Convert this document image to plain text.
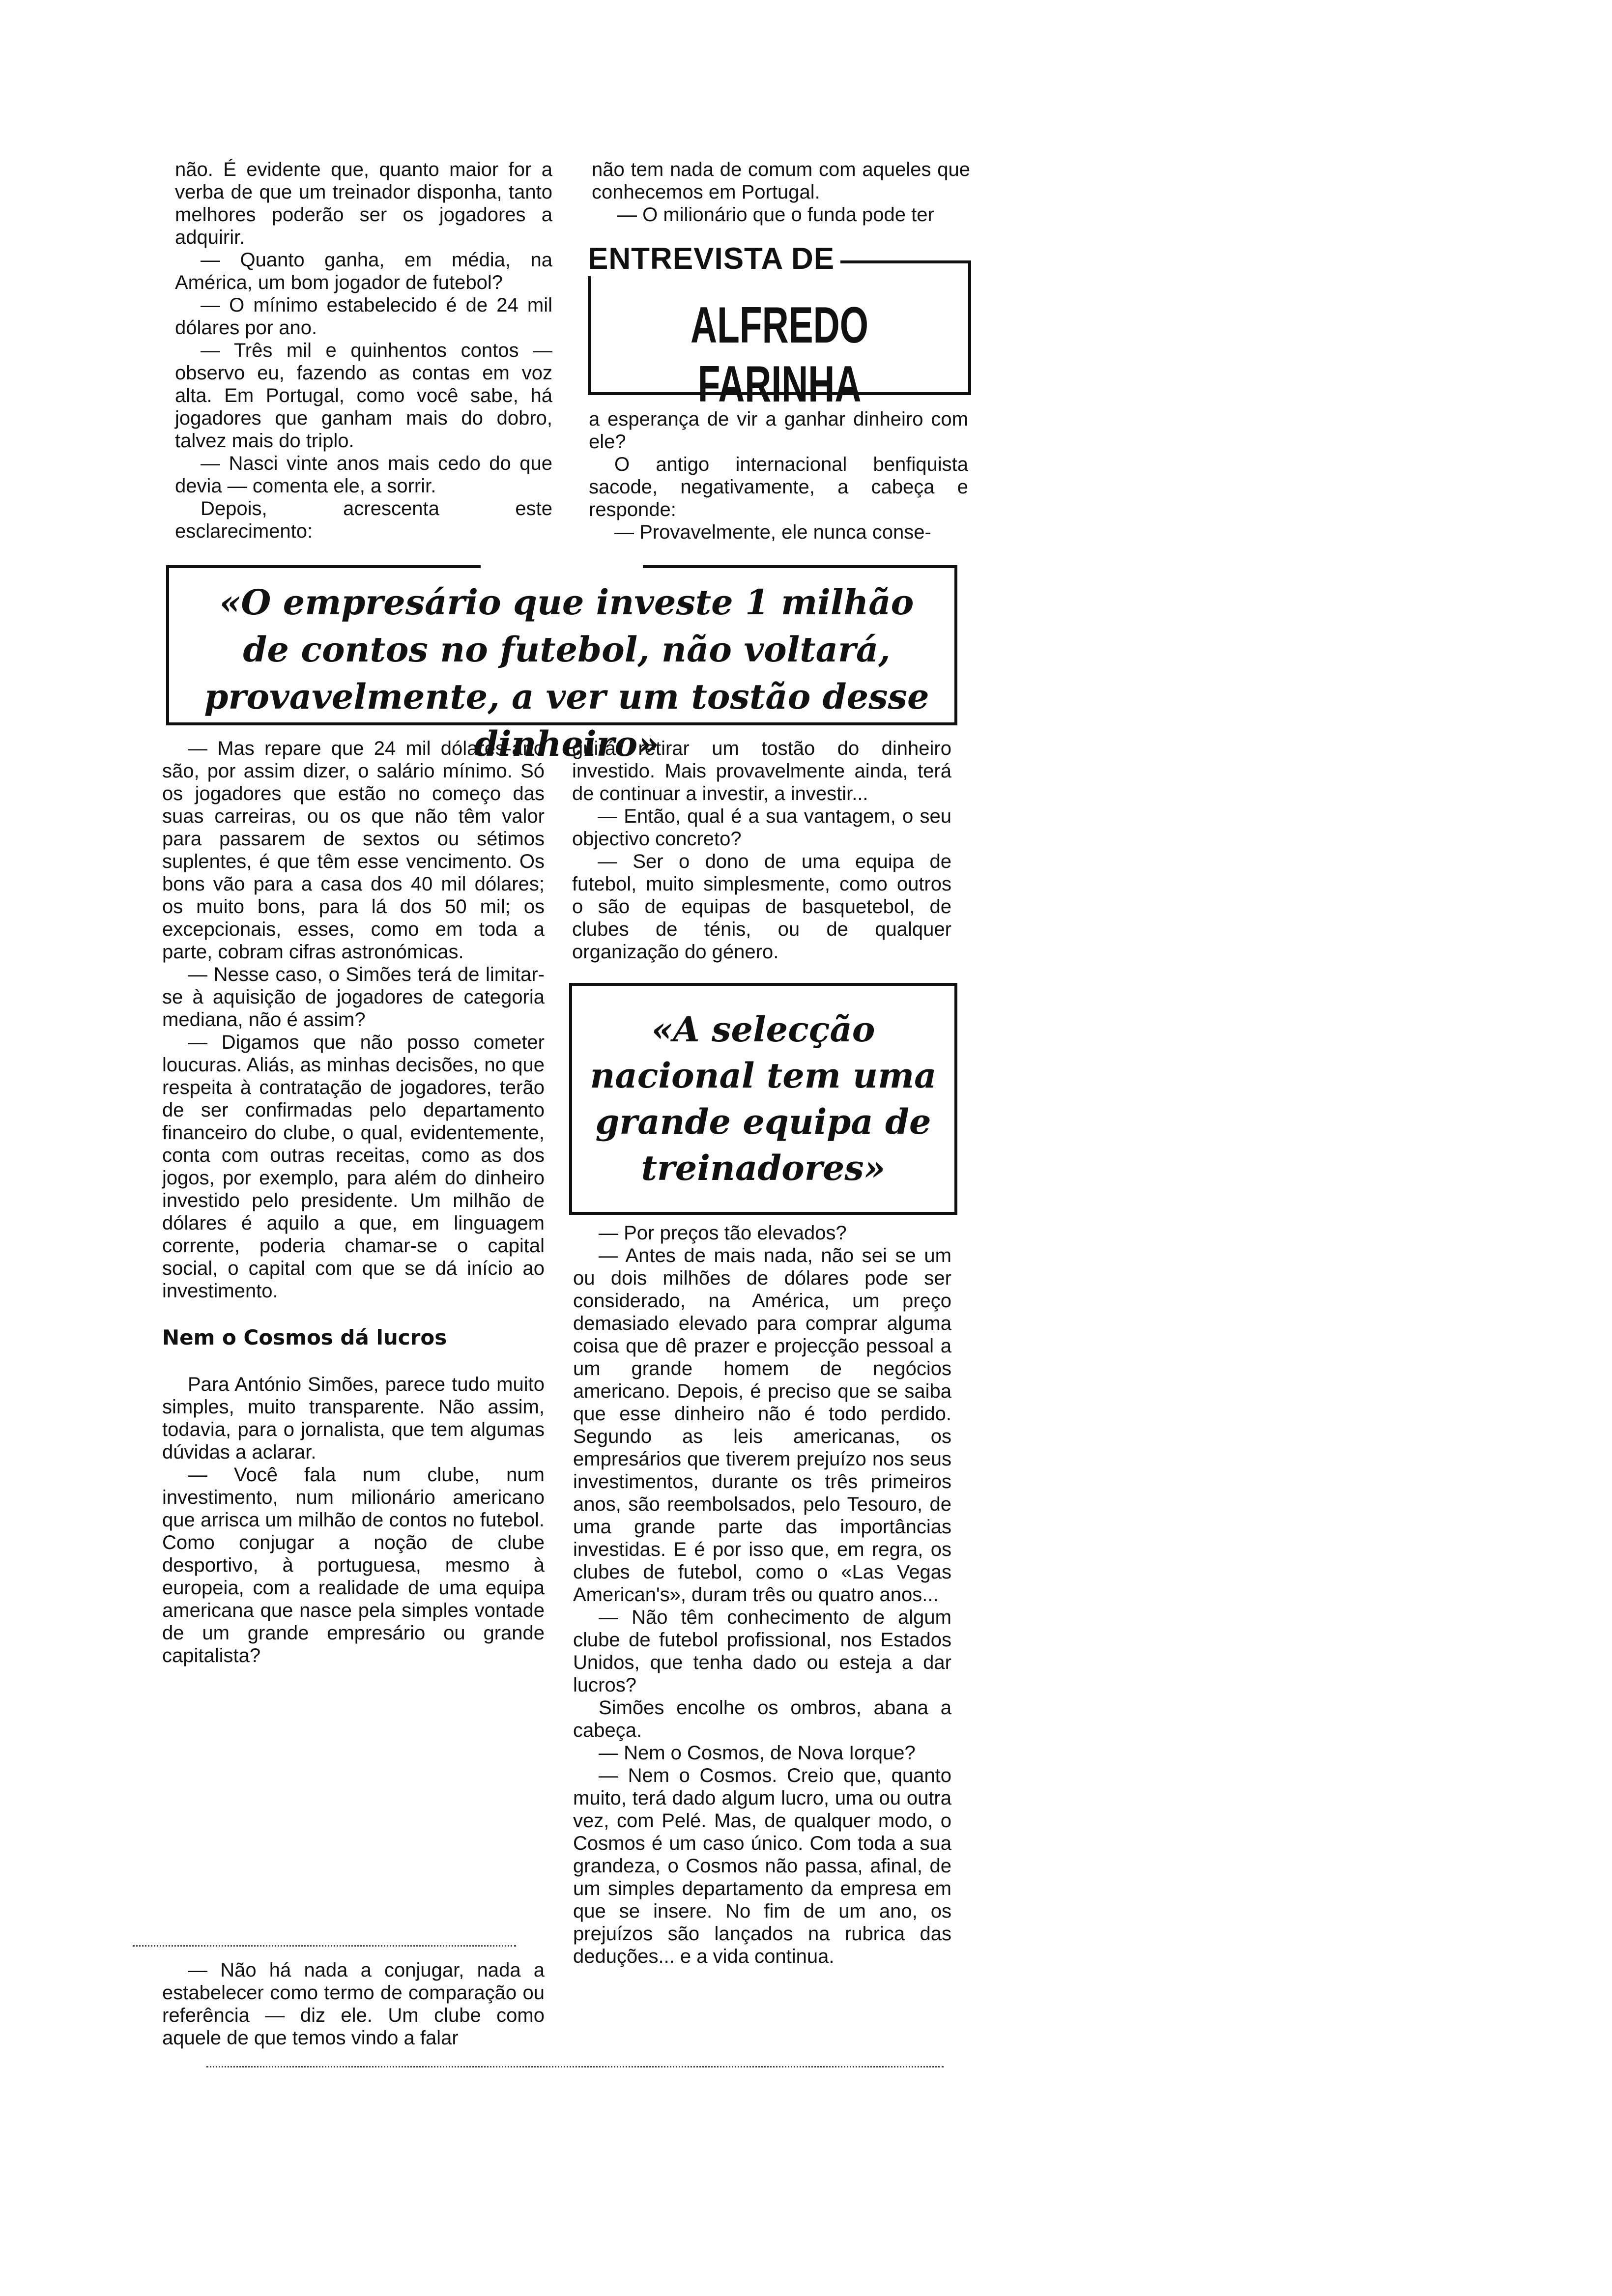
não. É evidente que, quanto maior for a verba de que um treinador disponha, tanto melhores poderão ser os jogadores a adquirir.

— Quanto ganha, em média, na América, um bom jogador de futebol?

— O mínimo estabelecido é de 24 mil dólares por ano.

— Três mil e quinhentos contos — observo eu, fazendo as contas em voz alta. Em Portugal, como você sabe, há jogadores que ganham mais do dobro, talvez mais do triplo.

— Nasci vinte anos mais cedo do que devia — comenta ele, a sorrir.

Depois, acrescenta este esclarecimento:

não tem nada de comum com aqueles que conhecemos em Portugal.

— O milionário que o funda pode ter

ENTREVISTA DE
ALFREDO FARINHA

a esperança de vir a ganhar dinheiro com ele?

O antigo internacional benfiquista sacode, negativamente, a cabeça e responde:

— Provavelmente, ele nunca conse-

«O empresário que investe 1 milhão de contos no futebol, não voltará, provavelmente, a ver um tostão desse dinheiro»

— Mas repare que 24 mil dólares-ano são, por assim dizer, o salário mínimo. Só os jogadores que estão no começo das suas carreiras, ou os que não têm valor para passarem de sextos ou sétimos suplentes, é que têm esse vencimento. Os bons vão para a casa dos 40 mil dólares; os muito bons, para lá dos 50 mil; os excepcionais, esses, como em toda a parte, cobram cifras astronómicas.

— Nesse caso, o Simões terá de limitar-se à aquisição de jogadores de categoria mediana, não é assim?

— Digamos que não posso cometer loucuras. Aliás, as minhas decisões, no que respeita à contratação de jogadores, terão de ser confirmadas pelo departamento financeiro do clube, o qual, evidentemente, conta com outras receitas, como as dos jogos, por exemplo, para além do dinheiro investido pelo presidente. Um milhão de dólares é aquilo a que, em linguagem corrente, poderia chamar-se o capital social, o capital com que se dá início ao investimento.

Nem o Cosmos dá lucros

Para António Simões, parece tudo muito simples, muito transparente. Não assim, todavia, para o jornalista, que tem algumas dúvidas a aclarar.

— Você fala num clube, num investimento, num milionário americano que arrisca um milhão de contos no futebol. Como conjugar a noção de clube desportivo, à portuguesa, mesmo à europeia, com a realidade de uma equipa americana que nasce pela simples vontade de um grande empresário ou grande capitalista?

— Não há nada a conjugar, nada a estabelecer como termo de comparação ou referência — diz ele. Um clube como aquele de que temos vindo a falar

guirá retirar um tostão do dinheiro investido. Mais provavelmente ainda, terá de continuar a investir, a investir...

— Então, qual é a sua vantagem, o seu objectivo concreto?

— Ser o dono de uma equipa de futebol, muito simplesmente, como outros o são de equipas de basquetebol, de clubes de ténis, ou de qualquer organização do género.

«A selecção nacional tem uma grande equipa de treinadores»

— Por preços tão elevados?

— Antes de mais nada, não sei se um ou dois milhões de dólares pode ser considerado, na América, um preço demasiado elevado para comprar alguma coisa que dê prazer e projecção pessoal a um grande homem de negócios americano. Depois, é preciso que se saiba que esse dinheiro não é todo perdido. Segundo as leis americanas, os empresários que tiverem prejuízo nos seus investimentos, durante os três primeiros anos, são reembolsados, pelo Tesouro, de uma grande parte das importâncias investidas. E é por isso que, em regra, os clubes de futebol, como o «Las Vegas American's», duram três ou quatro anos...

— Não têm conhecimento de algum clube de futebol profissional, nos Estados Unidos, que tenha dado ou esteja a dar lucros?

Simões encolhe os ombros, abana a cabeça.

— Nem o Cosmos, de Nova Iorque?

— Nem o Cosmos. Creio que, quanto muito, terá dado algum lucro, uma ou outra vez, com Pelé. Mas, de qualquer modo, o Cosmos é um caso único. Com toda a sua grandeza, o Cosmos não passa, afinal, de um simples departamento da empresa em que se insere. No fim de um ano, os prejuízos são lançados na rubrica das deduções... e a vida continua.
